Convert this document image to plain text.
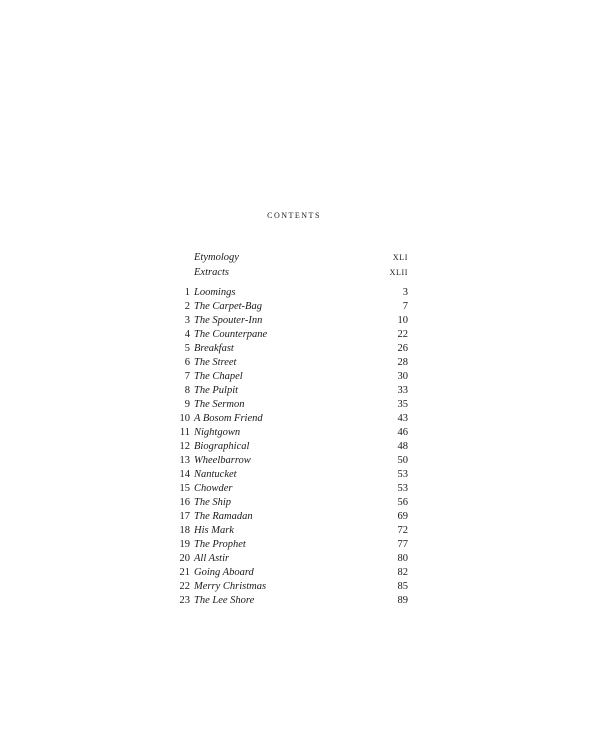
contents
Etymology	XLI
Extracts	XLII
1 Loomings	3
2 The Carpet-Bag	7
3 The Spouter-Inn	10
4 The Counterpane	22
5 Breakfast	26
6 The Street	28
7 The Chapel	30
8 The Pulpit	33
9 The Sermon	35
10 A Bosom Friend	43
11 Nightgown	46
12 Biographical	48
13 Wheelbarrow	50
14 Nantucket	53
15 Chowder	53
16 The Ship	56
17 The Ramadan	69
18 His Mark	72
19 The Prophet	77
20 All Astir	80
21 Going Aboard	82
22 Merry Christmas	85
23 The Lee Shore	89
